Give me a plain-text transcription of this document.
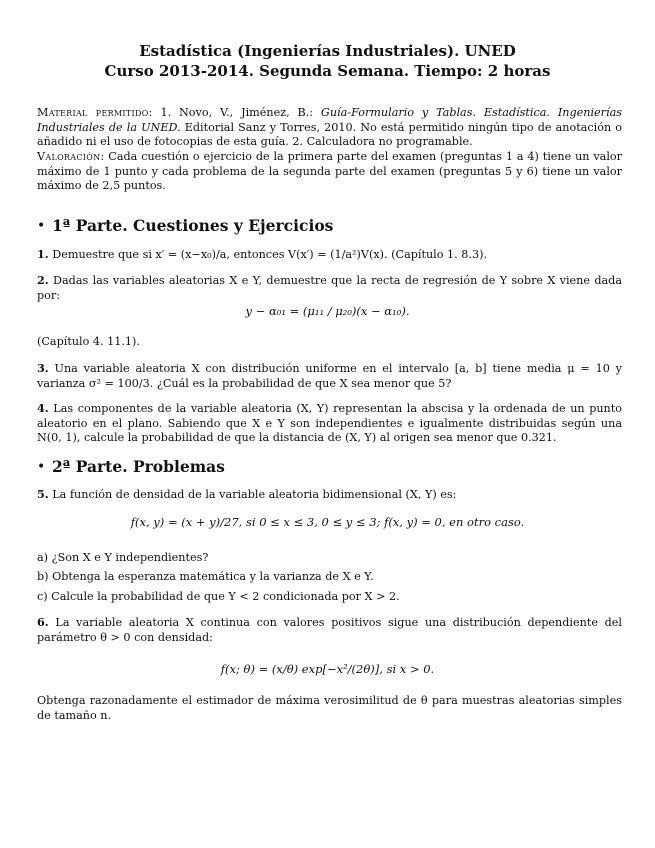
Estadística (Ingenierías Industriales). UNED
Curso 2013-2014. Segunda Semana. Tiempo: 2 horas
Material permitido: 1. Novo, V., Jiménez, B.: Guía-Formulario y Tablas. Estadística. Ingenierías Industriales de la UNED. Editorial Sanz y Torres, 2010. No está permitido ningún tipo de anotación o añadido ni el uso de fotocopias de esta guía. 2. Calculadora no programable.
Valoración: Cada cuestión o ejercicio de la primera parte del examen (preguntas 1 a 4) tiene un valor máximo de 1 punto y cada problema de la segunda parte del examen (preguntas 5 y 6) tiene un valor máximo de 2,5 puntos.
• 1ª Parte. Cuestiones y Ejercicios
1. Demuestre que si x′ = (x−x₀)/a, entonces V(x′) = (1/a²)V(x). (Capítulo 1. 8.3).
2. Dadas las variables aleatorias X e Y, demuestre que la recta de regresión de Y sobre X viene dada por:
y − α₀₁ = (μ₁₁ / μ₂₀)(x − α₁₀).
(Capítulo 4. 11.1).
3. Una variable aleatoria X con distribución uniforme en el intervalo [a, b] tiene media μ = 10 y varianza σ² = 100/3. ¿Cuál es la probabilidad de que X sea menor que 5?
4. Las componentes de la variable aleatoria (X, Y) representan la abscisa y la ordenada de un punto aleatorio en el plano. Sabiendo que X e Y son independientes e igualmente distribuidas según una N(0, 1), calcule la probabilidad de que la distancia de (X, Y) al origen sea menor que 0.321.
• 2ª Parte. Problemas
5. La función de densidad de la variable aleatoria bidimensional (X, Y) es:
f(x, y) = (x + y)/27, si 0 ≤ x ≤ 3, 0 ≤ y ≤ 3; f(x, y) = 0, en otro caso.
a) ¿Son X e Y independientes?
b) Obtenga la esperanza matemática y la varianza de X e Y.
c) Calcule la probabilidad de que Y < 2 condicionada por X > 2.
6. La variable aleatoria X continua con valores positivos sigue una distribución dependiente del parámetro θ > 0 con densidad:
f(x; θ) = (x/θ) exp[−x²/(2θ)], si x > 0.
Obtenga razonadamente el estimador de máxima verosimilitud de θ para muestras aleatorias simples de tamaño n.
